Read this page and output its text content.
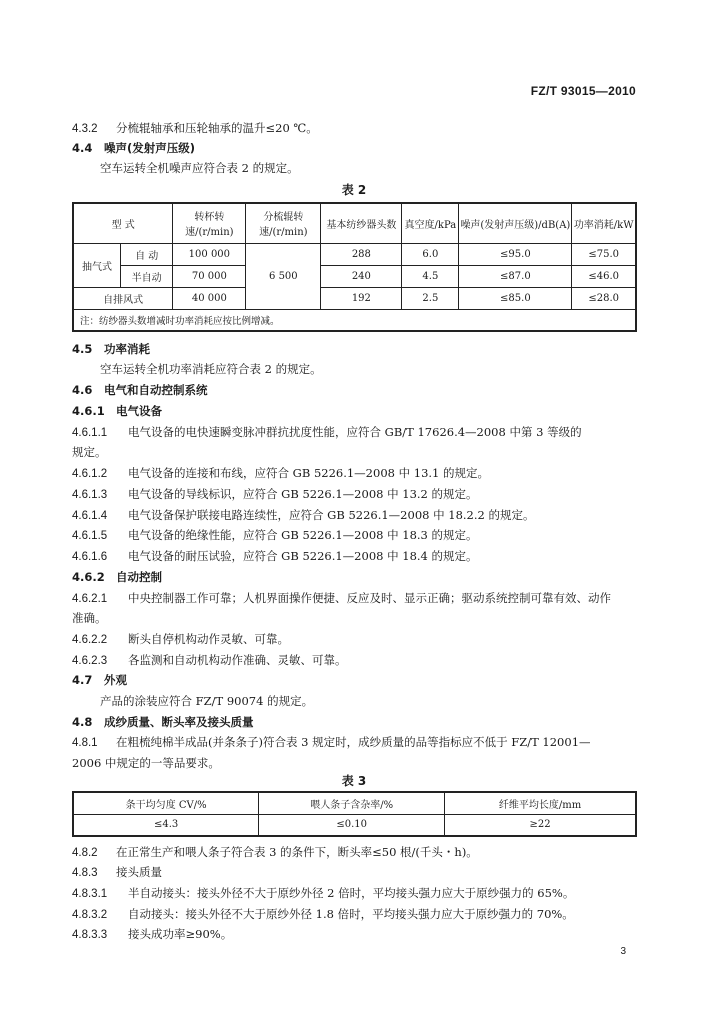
FZ/T 93015—2010
4.3.2 分梳辊轴承和压轮轴承的温升≤20 ℃。
4.4 噪声(发射声压级)
空车运转全机噪声应符合表 2 的规定。
表 2
型 式		转杯转速/(r/min)	分梳辊转速/(r/min)	基本纺纱器头数	真空度/kPa	噪声(发射声压级)/dB(A)	功率消耗/kW
抽气式	自 动	100 000	6 500	288	6.0	≤95.0	≤75.0
	半自动	70 000		240	4.5	≤87.0	≤46.0
自排风式		40 000		192	2.5	≤85.0	≤28.0
注：纺纱器头数增减时功率消耗应按比例增减。							
4.5 功率消耗
空车运转全机功率消耗应符合表 2 的规定。
4.6 电气和自动控制系统
4.6.1 电气设备
4.6.1.1 电气设备的电快速瞬变脉冲群抗扰度性能，应符合 GB/T 17626.4—2008 中第 3 等级的
规定。
4.6.1.2 电气设备的连接和布线，应符合 GB 5226.1—2008 中 13.1 的规定。
4.6.1.3 电气设备的导线标识，应符合 GB 5226.1—2008 中 13.2 的规定。
4.6.1.4 电气设备保护联接电路连续性，应符合 GB 5226.1—2008 中 18.2.2 的规定。
4.6.1.5 电气设备的绝缘性能，应符合 GB 5226.1—2008 中 18.3 的规定。
4.6.1.6 电气设备的耐压试验，应符合 GB 5226.1—2008 中 18.4 的规定。
4.6.2 自动控制
4.6.2.1 中央控制器工作可靠；人机界面操作便捷、反应及时、显示正确；驱动系统控制可靠有效、动作
准确。
4.6.2.2 断头自停机构动作灵敏、可靠。
4.6.2.3 各监测和自动机构动作准确、灵敏、可靠。
4.7 外观
产品的涂装应符合 FZ/T 90074 的规定。
4.8 成纱质量、断头率及接头质量
4.8.1 在粗梳纯棉半成品(并条条子)符合表 3 规定时，成纱质量的品等指标应不低于 FZ/T 12001—
2006 中规定的一等品要求。
表 3
条干均匀度 CV/%	喂人条子含杂率/%	纤维平均长度/mm
≤4.3	≤0.10	≥22
4.8.2 在正常生产和喂人条子符合表 3 的条件下，断头率≤50 根/(千头・h)。
4.8.3 接头质量
4.8.3.1 半自动接头：接头外径不大于原纱外径 2 倍时，平均接头强力应大于原纱强力的 65%。
4.8.3.2 自动接头：接头外径不大于原纱外径 1.8 倍时，平均接头强力应大于原纱强力的 70%。
4.8.3.3 接头成功率≥90%。
3
